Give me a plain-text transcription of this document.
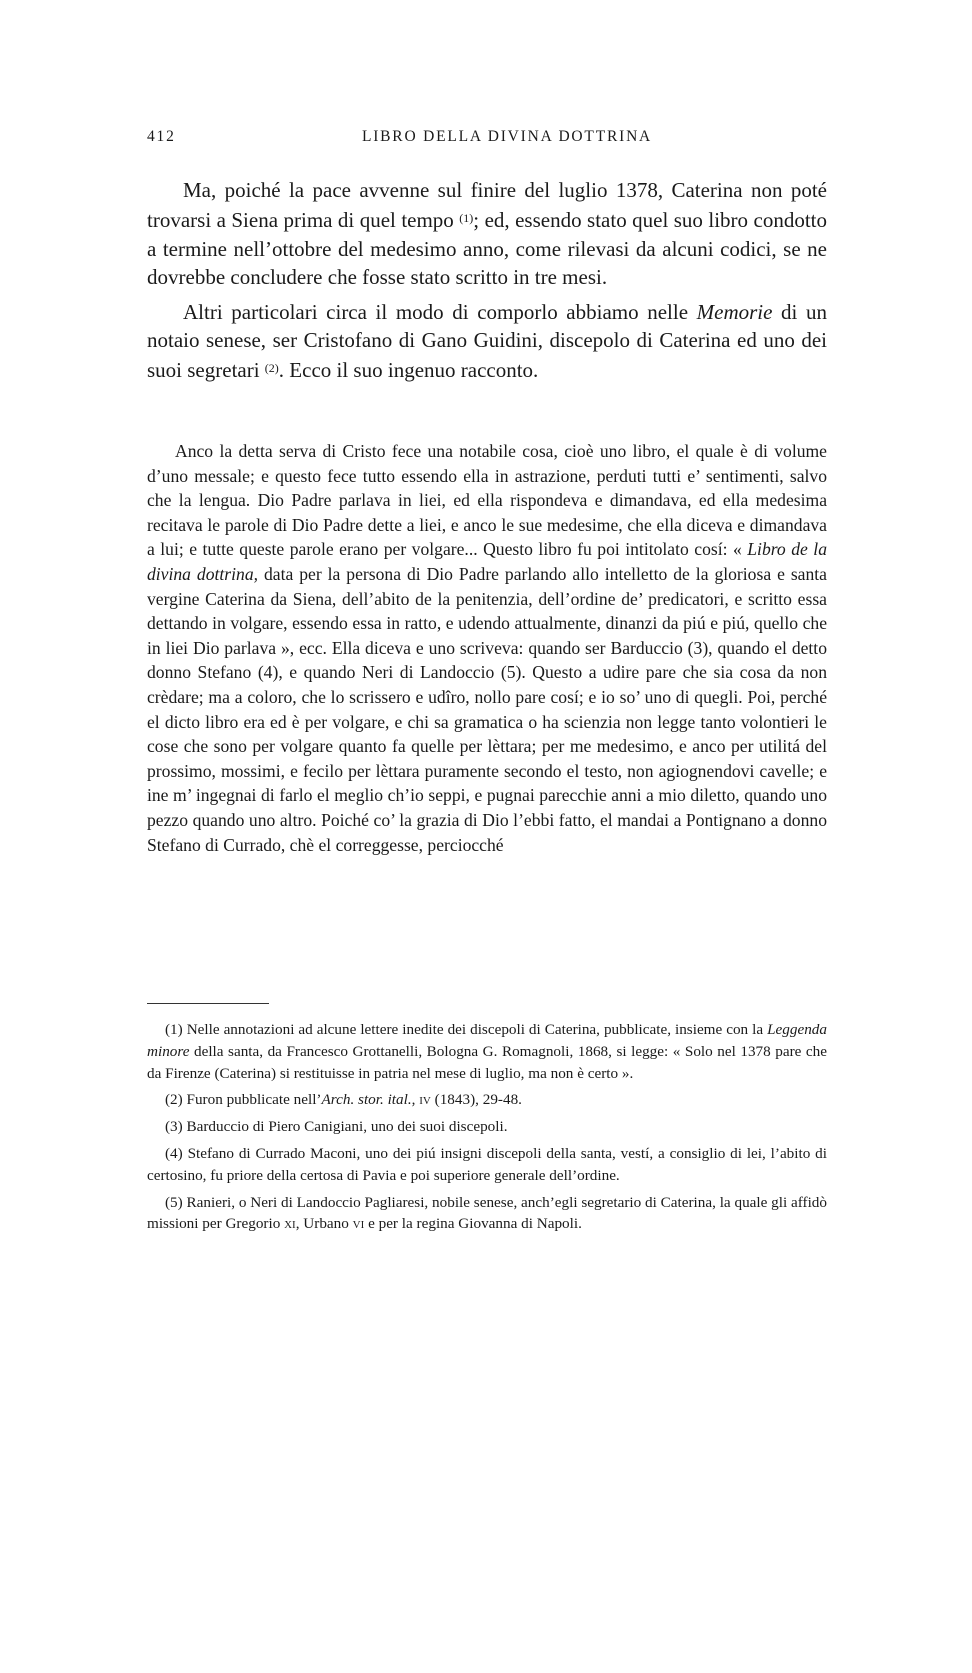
412	LIBRO DELLA DIVINA DOTTRINA

Ma, poiché la pace avvenne sul finire del luglio 1378, Caterina non poté trovarsi a Siena prima di quel tempo $^{(1)}$; ed, essendo stato quel suo libro condotto a termine nell’ottobre del medesimo anno, come rilevasi da alcuni codici, se ne dovrebbe concludere che fosse stato scritto in tre mesi.

Altri particolari circa il modo di comporlo abbiamo nelle Memorie di un notaio senese, ser Cristofano di Gano Guidini, discepolo di Caterina ed uno dei suoi segretari $^{(2)}$. Ecco il suo ingenuo racconto.

Anco la detta serva di Cristo fece una notabile cosa, cioè uno libro, el quale è di volume d’uno messale; e questo fece tutto essendo ella in astrazione, perduti tutti e’ sentimenti, salvo che la lengua. Dio Padre parlava in liei, ed ella rispondeva e dimandava, ed ella medesima recitava le parole di Dio Padre dette a liei, e anco le sue medesime, che ella diceva e dimandava a lui; e tutte queste parole erano per volgare... Questo libro fu poi intitolato cosí: « Libro de la divina dottrina, data per la persona di Dio Padre parlando allo intelletto de la gloriosa e santa vergine Caterina da Siena, dell’abito de la penitenzia, dell’ordine de’ predicatori, e scritto essa dettando in volgare, essendo essa in ratto, e udendo attualmente, dinanzi da piú e piú, quello che in liei Dio parlava », ecc. Ella diceva e uno scriveva: quando ser Barduccio (3), quando el detto donno Stefano (4), e quando Neri di Landoccio (5). Questo a udire pare che sia cosa da non crèdare; ma a coloro, che lo scrissero e udîro, nollo pare cosí; e io so’ uno di quegli. Poi, perché el dicto libro era ed è per volgare, e chi sa gramatica o ha scienzia non legge tanto volontieri le cose che sono per volgare quanto fa quelle per lèttara; per me medesimo, e anco per utilitá del prossimo, mossimi, e fecilo per lèttara puramente secondo el testo, non agiognendovi cavelle; e ine m’ ingegnai di farlo el meglio ch’io seppi, e pugnai parecchie anni a mio diletto, quando uno pezzo quando uno altro. Poiché co’ la grazia di Dio l’ebbi fatto, el mandai a Pontignano a donno Stefano di Currado, chè el correggesse, perciocché

(1) Nelle annotazioni ad alcune lettere inedite dei discepoli di Caterina, pubblicate, insieme con la Leggenda minore della santa, da Francesco Grottanelli, Bologna G. Romagnoli, 1868, si legge: « Solo nel 1378 pare che da Firenze (Caterina) si restituisse in patria nel mese di luglio, ma non è certo ».

(2) Furon pubblicate nell’Arch. stor. ital., iv (1843), 29-48.

(3) Barduccio di Piero Canigiani, uno dei suoi discepoli.

(4) Stefano di Currado Maconi, uno dei piú insigni discepoli della santa, vestí, a consiglio di lei, l’abito di certosino, fu priore della certosa di Pavia e poi superiore generale dell’ordine.

(5) Ranieri, o Neri di Landoccio Pagliaresi, nobile senese, anch’egli segretario di Caterina, la quale gli affidò missioni per Gregorio xi, Urbano vi e per la regina Giovanna di Napoli.
